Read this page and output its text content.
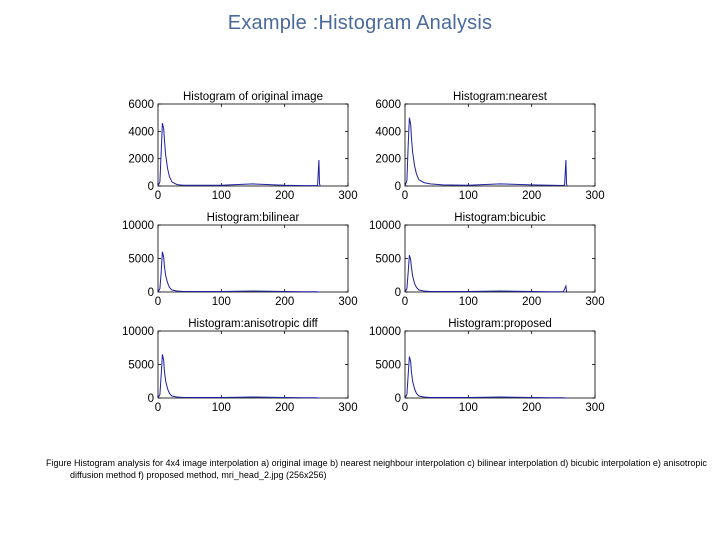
Example :Histogram Analysis
Histogram of original image
0	100	200	300
0
2000
4000
6000
Histogram:nearest
0	100	200	300
0
2000
4000
6000
Histogram:bilinear
0	100	200	300
0
5000
10000
Histogram:bicubic
0	100	200	300
0
5000
10000
Histogram:anisotropic diff
0	100	200	300
0
5000
10000
Histogram:proposed
0	100	200	300
0
5000
10000
Figure Histogram analysis for 4x4 image interpolation a) original image b) nearest neighbour interpolation c) bilinear interpolation d) bicubic interpolation e) anisotropic diffusion method f) proposed method, mri_head_2.jpg (256x256)
